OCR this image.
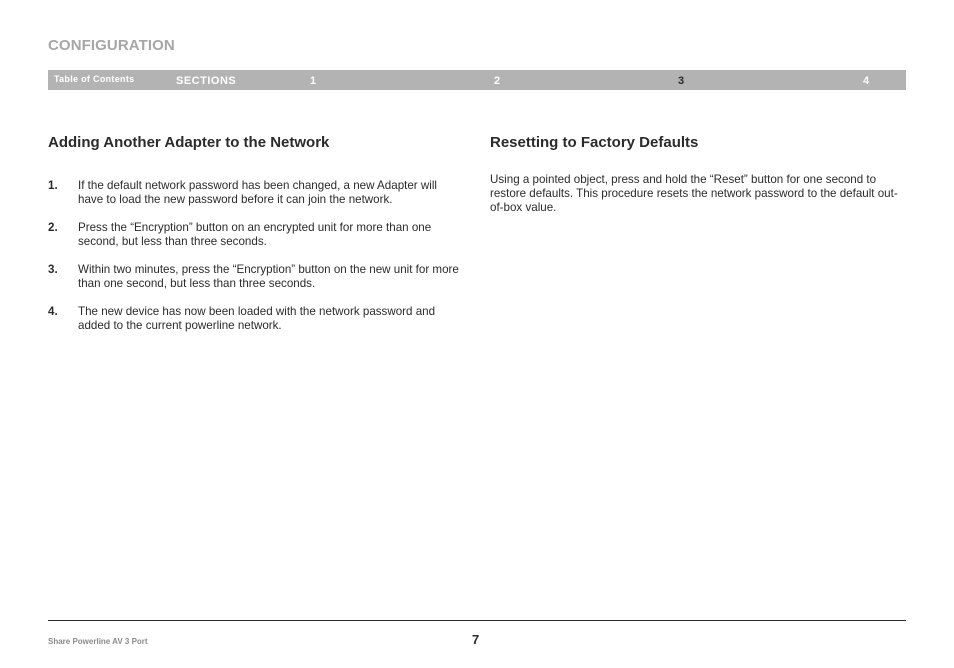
CONFIGURATION
Table of Contents	SECTIONS	1	2	3	4
Adding Another Adapter to the Network
1. If the default network password has been changed, a new Adapter will have to load the new password before it can join the network.
2. Press the “Encryption” button on an encrypted unit for more than one second, but less than three seconds.
3. Within two minutes, press the “Encryption” button on the new unit for more than one second, but less than three seconds.
4. The new device has now been loaded with the network password and added to the current powerline network.
Resetting to Factory Defaults

Using a pointed object, press and hold the “Reset” button for one second to restore defaults. This procedure resets the network password to the default out-of-box value.

Share Powerline AV 3 Port	7
